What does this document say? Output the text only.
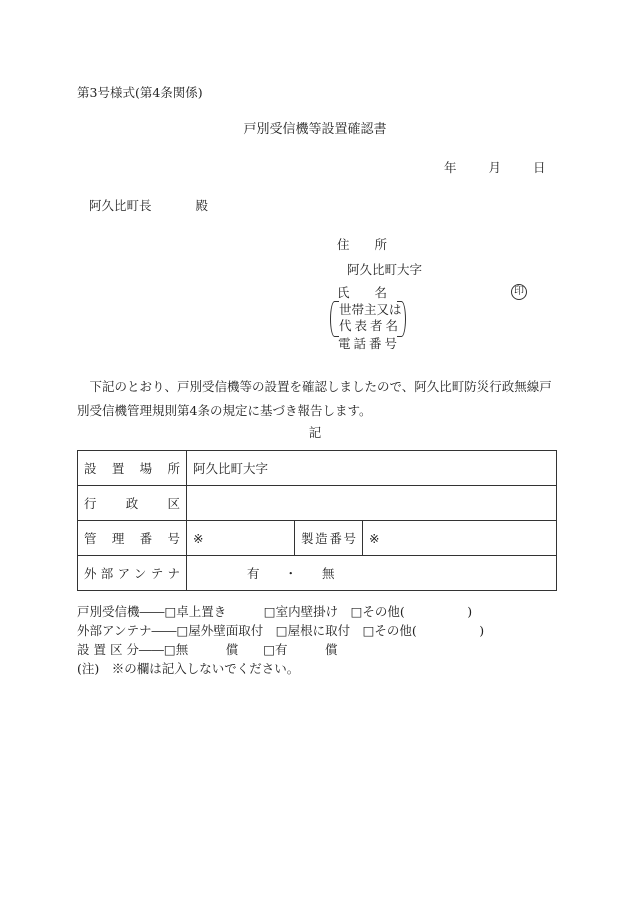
第3号様式(第4条関係)
戸別受信機等設置確認書
年	月	日
阿久比町長	殿
住　　所
阿久比町大字
氏　　名	印
世帯主又は
代表者名
電話番号
　下記のとおり、戸別受信機等の設置を確認しましたので、阿久比町防災行政無線戸別受信機管理規則第4条の規定に基づき報告します。
記
設置場所	阿久比町大字		
行政区			
管理番号	※	製造番号	※
外部アンテナ	有　　・　　無		
戸別受信機――□卓上置き　　　□室内壁掛け　□その他(　　　　　)
外部アンテナ――□屋外壁面取付　□屋根に取付　□その他(　　　　　)
設 置 区 分――□無　　　償　　□有　　　償
(注)　※の欄は記入しないでください。
